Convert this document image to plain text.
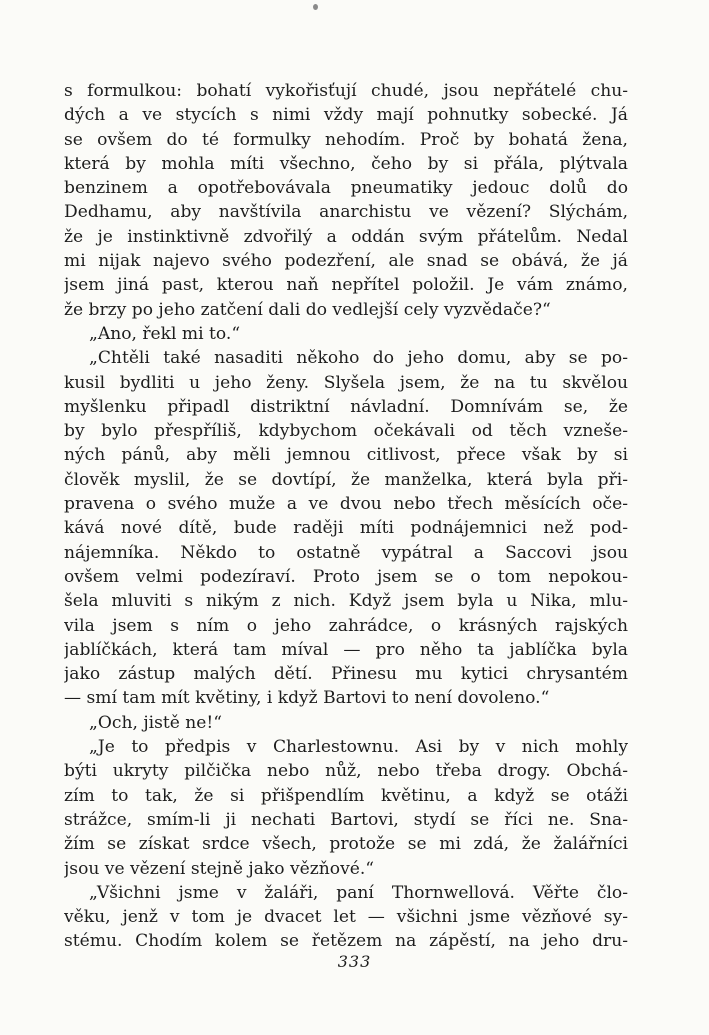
s formulkou: bohatí vykořisťují chudé, jsou nepřátelé chu-
dých a ve stycích s nimi vždy mají pohnutky sobecké. Já
se ovšem do té formulky nehodím. Proč by bohatá žena,
která by mohla míti všechno, čeho by si přála, plýtvala
benzinem a opotřebovávala pneumatiky jedouc dolů do
Dedhamu, aby navštívila anarchistu ve vězení? Slýchám,
že je instinktivně zdvořilý a oddán svým přátelům. Nedal
mi nijak najevo svého podezření, ale snad se obává, že já
jsem jiná past, kterou naň nepřítel položil. Je vám známo,
že brzy po jeho zatčení dali do vedlejší cely vyzvědače?“
„Ano, řekl mi to.“
„Chtěli také nasaditi někoho do jeho domu, aby se po-
kusil bydliti u jeho ženy. Slyšela jsem, že na tu skvělou
myšlenku připadl distriktní návladní. Domnívám se, že
by bylo přespříliš, kdybychom očekávali od těch vznešе-
ných pánů, aby měli jemnou citlivost, přece však by si
člověk myslil, že se dovtípí, že manželka, která byla při-
pravena o svého muže a ve dvou nebo třech měsících oče-
kává nové dítě, bude raději míti podnájemnici než pod-
nájemníka. Někdo to ostatně vypátral a Saccovi jsou
ovšem velmi podezíraví. Proto jsem se o tom nepokou-
šela mluviti s nikým z nich. Když jsem byla u Nika, mlu-
vila jsem s ním o jeho zahrádce, o krásných rajských
jablíčkách, která tam míval — pro něho ta jablíčka byla
jako zástup malých dětí. Přinesu mu kytici chrysantém
— smí tam mít květiny, i když Bartovi to není dovoleno.“
„Och, jistě ne!“
„Je to předpis v Charlestownu. Asi by v nich mohly
býti ukryty pilčička nebo nůž, nebo třeba drogy. Obchá-
zím to tak, že si přišpendlím květinu, a když se otáži
strážce, smím-li ji nechati Bartovi, stydí se říci ne. Sna-
žím se získat srdce všech, protože se mi zdá, že žalářníci
jsou ve vězení stejně jako vězňové.“
„Všichni jsme v žaláři, paní Thornwellová. Věřte člo-
věku, jenž v tom je dvacet let — všichni jsme vězňové sy-
stému. Chodím kolem se řetězem na zápěstí, na jeho dru-
333
